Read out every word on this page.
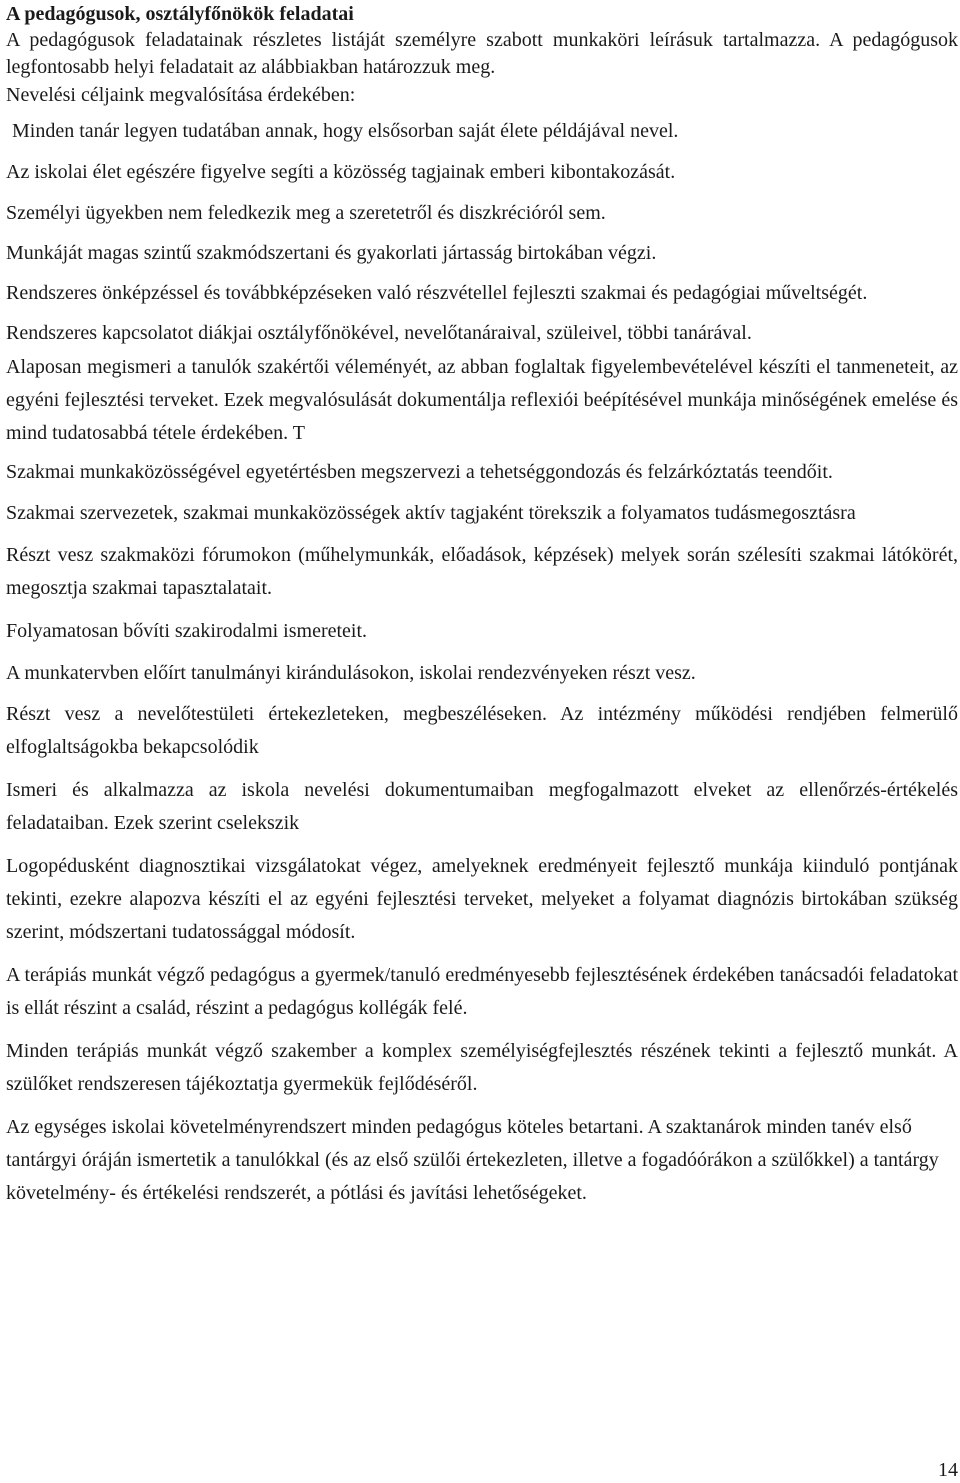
A pedagógusok, osztályfőnökök feladatai

A pedagógusok feladatainak részletes listáját személyre szabott munkaköri leírásuk tartalmazza. A pedagógusok legfontosabb helyi feladatait az alábbiakban határozzuk meg.

Nevelési céljaink megvalósítása érdekében:

Minden tanár legyen tudatában annak, hogy elsősorban saját élete példájával nevel.

Az iskolai élet egészére figyelve segíti a közösség tagjainak emberi kibontakozását.

Személyi ügyekben nem feledkezik meg a szeretetről és diszkrécióról sem.

Munkáját magas szintű szakmódszertani és gyakorlati jártasság birtokában végzi.

Rendszeres önképzéssel és továbbképzéseken való részvétellel fejleszti szakmai és pedagógiai műveltségét.

Rendszeres kapcsolatot diákjai osztályfőnökével, nevelőtanáraival, szüleivel, többi tanárával.

Alaposan megismeri a tanulók szakértői véleményét, az abban foglaltak figyelembevételével készíti el tanmeneteit, az egyéni fejlesztési terveket. Ezek megvalósulását dokumentálja reflexiói beépítésével munkája minőségének emelése és mind tudatosabbá tétele érdekében. T

Szakmai munkaközösségével egyetértésben megszervezi a tehetséggondozás és felzárkóztatás teendőit.

Szakmai szervezetek, szakmai munkaközösségek aktív tagjaként törekszik a folyamatos tudásmegosztásra

Részt vesz szakmaközi fórumokon (műhelymunkák, előadások, képzések) melyek során szélesíti szakmai látókörét, megosztja szakmai tapasztalatait.

Folyamatosan bővíti szakirodalmi ismereteit.

A munkatervben előírt tanulmányi kirándulásokon, iskolai rendezvényeken részt vesz.

Részt vesz a nevelőtestületi értekezleteken, megbeszéléseken. Az intézmény működési rendjében felmerülő elfoglaltságokba bekapcsolódik

Ismeri és alkalmazza az iskola nevelési dokumentumaiban megfogalmazott elveket az ellenőrzés-értékelés feladataiban. Ezek szerint cselekszik

Logopédusként diagnosztikai vizsgálatokat végez, amelyeknek eredményeit fejlesztő munkája kiinduló pontjának tekinti, ezekre alapozva készíti el az egyéni fejlesztési terveket, melyeket a folyamat diagnózis birtokában szükség szerint, módszertani tudatossággal módosít.

A terápiás munkát végző pedagógus a gyermek/tanuló eredményesebb fejlesztésének érdekében tanácsadói feladatokat is ellát részint a család, részint a pedagógus kollégák felé.

Minden terápiás munkát végző szakember a komplex személyiségfejlesztés részének tekinti a fejlesztő munkát. A szülőket rendszeresen tájékoztatja gyermekük fejlődéséről.

Az egységes iskolai követelményrendszert minden pedagógus köteles betartani. A szaktanárok minden tanév első tantárgyi óráján ismertetik a tanulókkal (és az első szülői értekezleten, illetve a fogadóórákon a szülőkkel) a tantárgy követelmény- és értékelési rendszerét, a pótlási és javítási lehetőségeket.

14
